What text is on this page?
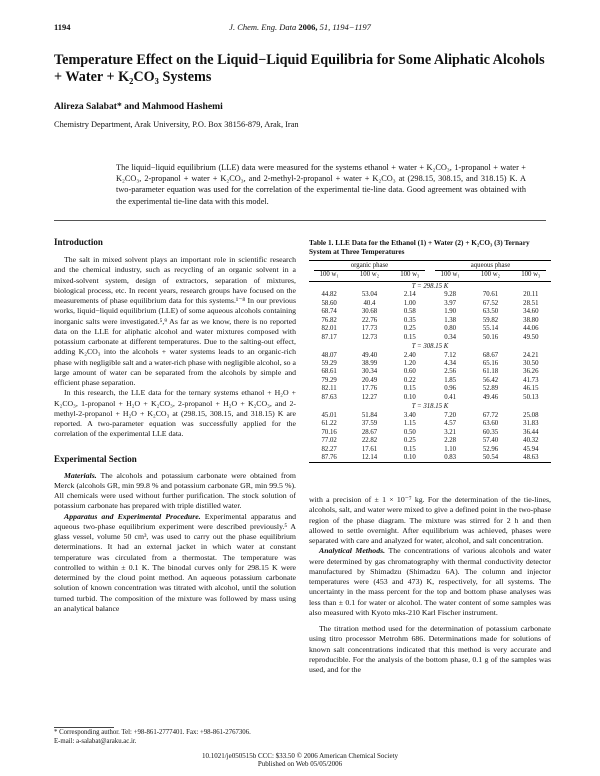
1194	J. Chem. Eng. Data 2006, 51, 1194−1197
Temperature Effect on the Liquid−Liquid Equilibria for Some Aliphatic Alcohols + Water + K₂CO₃ Systems
Alireza Salabat* and Mahmood Hashemi
Chemistry Department, Arak University, P.O. Box 38156-879, Arak, Iran
The liquid−liquid equilibrium (LLE) data were measured for the systems ethanol + water + K₂CO₃, 1-propanol + water + K₂CO₃, 2-propanol + water + K₂CO₃, and 2-methyl-2-propanol + water + K₂CO₃ at (298.15, 308.15, and 318.15) K. A two-parameter equation was used for the correlation of the experimental tie-line data. Good agreement was obtained with the experimental tie-line data with this model.
Introduction

The salt in mixed solvent plays an important role in scientific research and the chemical industry, such as recycling of an organic solvent in a mixed-solvent system, design of extractors, separation of mixtures, biological process, etc. In recent years, research groups have focused on the measurements of phase equilibrium data for this systems.¹⁻⁸ In our previous works, liquid−liquid equilibrium (LLE) of some aqueous alcohols containing inorganic salts were investigated.⁵,⁹ As far as we know, there is no reported data on the LLE for aliphatic alcohol and water mixtures composed with potassium carbonate at different temperatures. Due to the salting-out effect, adding K₂CO₃ into the alcohols + water systems leads to an organic-rich phase with negligible salt and a water-rich phase with negligible alcohol, so a large amount of water can be separated from the alcohols by simple and efficient phase separation.

In this research, the LLE data for the ternary systems ethanol + H₂O + K₂CO₃, 1-propanol + H₂O + K₂CO₃, 2-propanol + H₂O + K₂CO₃, and 2-methyl-2-propanol + H₂O + K₂CO₃ at (298.15, 308.15, and 318.15) K are reported. A two-parameter equation was successfully applied for the correlation of the experimental LLE data.

Experimental Section

Materials. The alcohols and potassium carbonate were obtained from Merck (alcohols GR, min 99.8 % and potassium carbonate GR, min 99.5 %). All chemicals were used without further purification. The stock solution of potassium carbonate has prepared with triple distilled water.

Apparatus and Experimental Procedure. Experimental apparatus and aqueous two-phase equilibrium experiment were described previously.⁵ A glass vessel, volume 50 cm³, was used to carry out the phase equilibrium determinations. It had an external jacket in which water at constant temperature was circulated from a thermostat. The temperature was controlled to within ± 0.1 K. The binodal curves only for 298.15 K were determined by the cloud point method. An aqueous potassium carbonate solution of known concentration was titrated with alcohol, until the solution turned turbid. The composition of the mixture was followed by mass using an analytical balance

Table 1. LLE Data for the Ethanol (1) + Water (2) + K₂CO₃ (3) Ternary System at Three Temperatures
organic phase			aqueous phase		
100 w₁	100 w₂	100 w₃	100 w₁	100 w₂	100 w₃
T = 298.15 K					
44.82	53.04	2.14	9.28	70.61	20.11
58.60	40.4	1.00	3.97	67.52	28.51
68.74	30.68	0.58	1.90	63.50	34.60
76.82	22.76	0.35	1.38	59.82	38.80
82.01	17.73	0.25	0.80	55.14	44.06
87.17	12.73	0.15	0.34	50.16	49.50
T = 308.15 K					
48.07	49.40	2.40	7.12	68.67	24.21
59.29	38.99	1.20	4.34	65.16	30.50
68.61	30.34	0.60	2.56	61.18	36.26
79.29	20.49	0.22	1.85	56.42	41.73
82.11	17.76	0.15	0.96	52.89	46.15
87.63	12.27	0.10	0.41	49.46	50.13
T = 318.15 K					
45.01	51.84	3.40	7.20	67.72	25.08
61.22	37.59	1.15	4.57	63.60	31.83
70.16	28.67	0.50	3.21	60.35	36.44
77.02	22.82	0.25	2.28	57.40	40.32
82.27	17.61	0.15	1.10	52.96	45.94
87.76	12.14	0.10	0.83	50.54	48.63

with a precision of ± 1 × 10⁻⁷ kg. For the determination of the tie-lines, alcohols, salt, and water were mixed to give a defined point in the two-phase region of the phase diagram. The mixture was stirred for 2 h and then allowed to settle overnight. After equilibrium was achieved, phases were separated with care and analyzed for water, alcohol, and salt concentration.

Analytical Methods. The concentrations of various alcohols and water were determined by gas chromatography with thermal conductivity detector manufactured by Shimadzu (Shimadzu 6A). The column and injector temperatures were (453 and 473) K, respectively, for all systems. The uncertainty in the mass percent for the top and bottom phase analyses was less than ± 0.1 for water or alcohol. The water content of some samples was also measured with Kyoto mks-210 Karl Fischer instrument.

The titration method used for the determination of potassium carbonate using titro processor Metrohm 686. Determinations made for solutions of known salt concentrations indicated that this method is very accurate and reproducible. For the analysis of the bottom phase, 0.1 g of the samples was used, and for the

* Corresponding author. Tel: +98-861-2777401. Fax: +98-861-2767306.
E-mail: a-salabat@araku.ac.ir.
10.1021/je050515b CCC: $33.50 © 2006 American Chemical Society
Published on Web 05/05/2006
